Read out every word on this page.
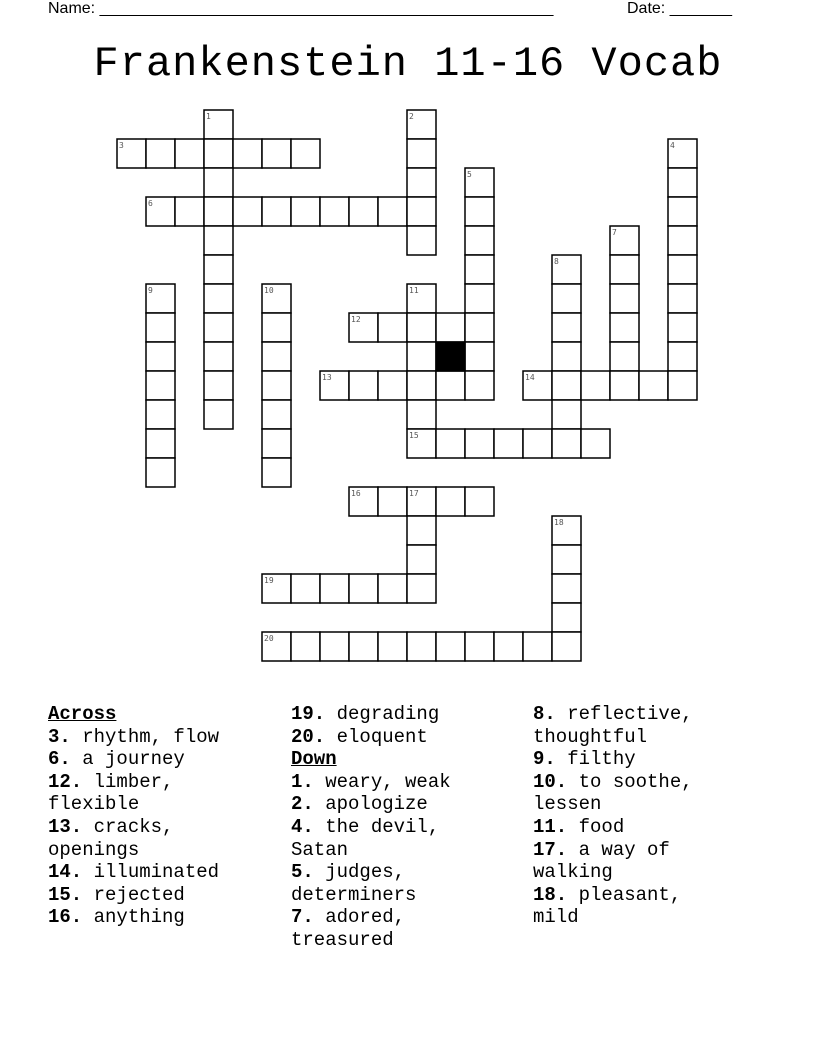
Name: ___________________________________________________	Date: _______
Frankenstein 11-16 Vocab
1	2
3	4
5
6
7
8
9	10	11
12
13	14
15
16	17
18
19
20
Across
3. rhythm, flow
6. a journey
12. limber,
flexible
13. cracks,
openings
14. illuminated
15. rejected
16. anything
19. degrading
20. eloquent
Down
1. weary, weak
2. apologize
4. the devil,
Satan
5. judges,
determiners
7. adored,
treasured
8. reflective,
thoughtful
9. filthy
10. to soothe,
lessen
11. food
17. a way of
walking
18. pleasant,
mild
